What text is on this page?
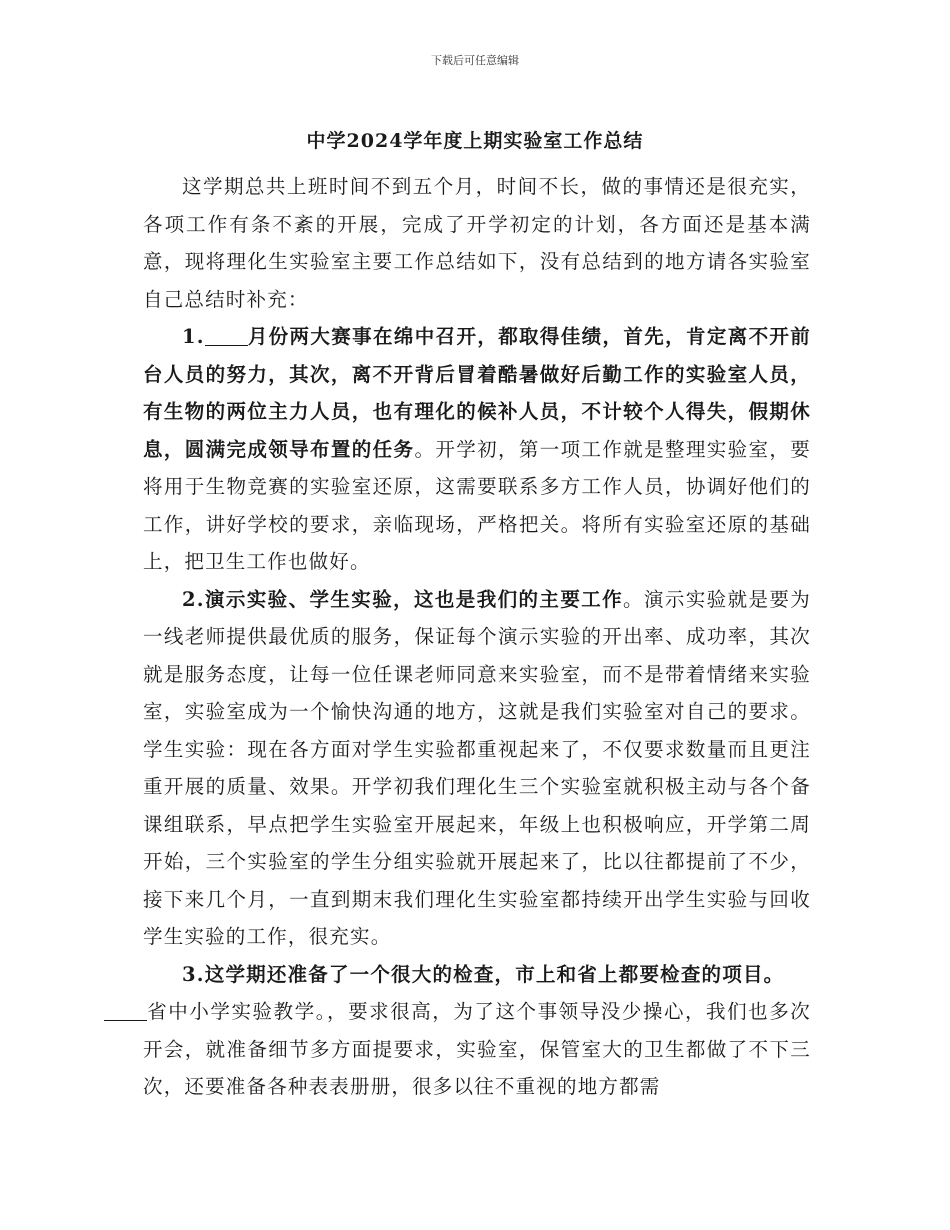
下载后可任意编辑
中学2024学年度上期实验室工作总结

这学期总共上班时间不到五个月，时间不长，做的事情还是很充实，各项工作有条不紊的开展，完成了开学初定的计划，各方面还是基本满意，现将理化生实验室主要工作总结如下，没有总结到的地方请各实验室自己总结时补充：

1. 月份两大赛事在绵中召开，都取得佳绩，首先，肯定离不开前台人员的努力，其次，离不开背后冒着酷暑做好后勤工作的实验室人员，有生物的两位主力人员，也有理化的候补人员，不计较个人得失，假期休息，圆满完成领导布置的任务。开学初，第一项工作就是整理实验室，要将用于生物竞赛的实验室还原，这需要联系多方工作人员，协调好他们的工作，讲好学校的要求，亲临现场，严格把关。将所有实验室还原的基础上，把卫生工作也做好。

2.演示实验、学生实验，这也是我们的主要工作。演示实验就是要为一线老师提供最优质的服务，保证每个演示实验的开出率、成功率，其次就是服务态度，让每一位任课老师同意来实验室，而不是带着情绪来实验室，实验室成为一个愉快沟通的地方，这就是我们实验室对自己的要求。学生实验：现在各方面对学生实验都重视起来了，不仅要求数量而且更注重开展的质量、效果。开学初我们理化生三个实验室就积极主动与各个备课组联系，早点把学生实验室开展起来，年级上也积极响应，开学第二周开始，三个实验室的学生分组实验就开展起来了，比以往都提前了不少，接下来几个月，一直到期末我们理化生实验室都持续开出学生实验与回收学生实验的工作，很充实。

3.这学期还准备了一个很大的检查，市上和省上都要检查的项目。
省中小学实验教学。，要求很高，为了这个事领导没少操心，我们也多次开会，就准备细节多方面提要求，实验室，保管室大的卫生都做了不下三次，还要准备各种表表册册，很多以往不重视的地方都需
